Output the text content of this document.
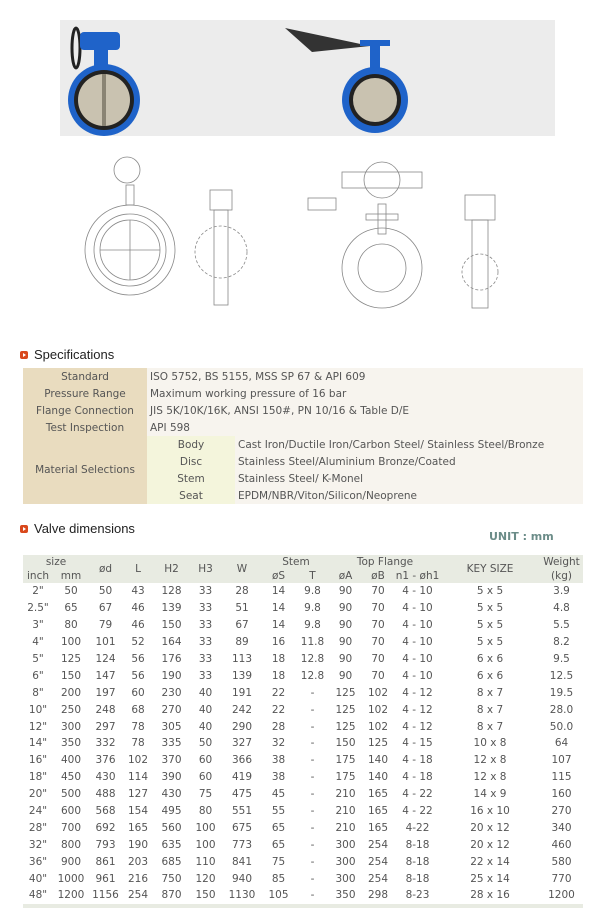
Specifications
Standard	ISO 5752, BS 5155, MSS SP 67 & API 609	
Pressure Range	Maximum working pressure of 16 bar	
Flange Connection	JIS 5K/10K/16K, ANSI 150#, PN 10/16 & Table D/E	
Test Inspection	API 598	
Material Selections	Body	Cast Iron/Ductile Iron/Carbon Steel/ Stainless Steel/Bronze
	Disc	Stainless Steel/Aluminium Bronze/Coated
	Stem	Stainless Steel/ K-Monel
	Seat	EPDM/NBR/Viton/Silicon/Neoprene
Valve dimensions
UNIT : mm
size		ød	L	H2	H3	W	Stem		Top Flange			KEY SIZE	Weight
inch	mm						øS	T	øA	øB	n1 - øh1		(kg)
2"	50	50	43	128	33	28	14	9.8	90	70	4 - 10	5 x 5	3.9
2.5"	65	67	46	139	33	51	14	9.8	90	70	4 - 10	5 x 5	4.8
3"	80	79	46	150	33	67	14	9.8	90	70	4 - 10	5 x 5	5.5
4"	100	101	52	164	33	89	16	11.8	90	70	4 - 10	5 x 5	8.2
5"	125	124	56	176	33	113	18	12.8	90	70	4 - 10	6 x 6	9.5
6"	150	147	56	190	33	139	18	12.8	90	70	4 - 10	6 x 6	12.5
8"	200	197	60	230	40	191	22	-	125	102	4 - 12	8 x 7	19.5
10"	250	248	68	270	40	242	22	-	125	102	4 - 12	8 x 7	28.0
12"	300	297	78	305	40	290	28	-	125	102	4 - 12	8 x 7	50.0
14"	350	332	78	335	50	327	32	-	150	125	4 - 15	10 x 8	64
16"	400	376	102	370	60	366	38	-	175	140	4 - 18	12 x 8	107
18"	450	430	114	390	60	419	38	-	175	140	4 - 18	12 x 8	115
20"	500	488	127	430	75	475	45	-	210	165	4 - 22	14 x 9	160
24"	600	568	154	495	80	551	55	-	210	165	4 - 22	16 x 10	270
28"	700	692	165	560	100	675	65	-	210	165	4-22	20 x 12	340
32"	800	793	190	635	100	773	65	-	300	254	8-18	20 x 12	460
36"	900	861	203	685	110	841	75	-	300	254	8-18	22 x 14	580
40"	1000	961	216	750	120	940	85	-	300	254	8-18	25 x 14	770
48"	1200	1156	254	870	150	1130	105	-	350	298	8-23	28 x 16	1200
